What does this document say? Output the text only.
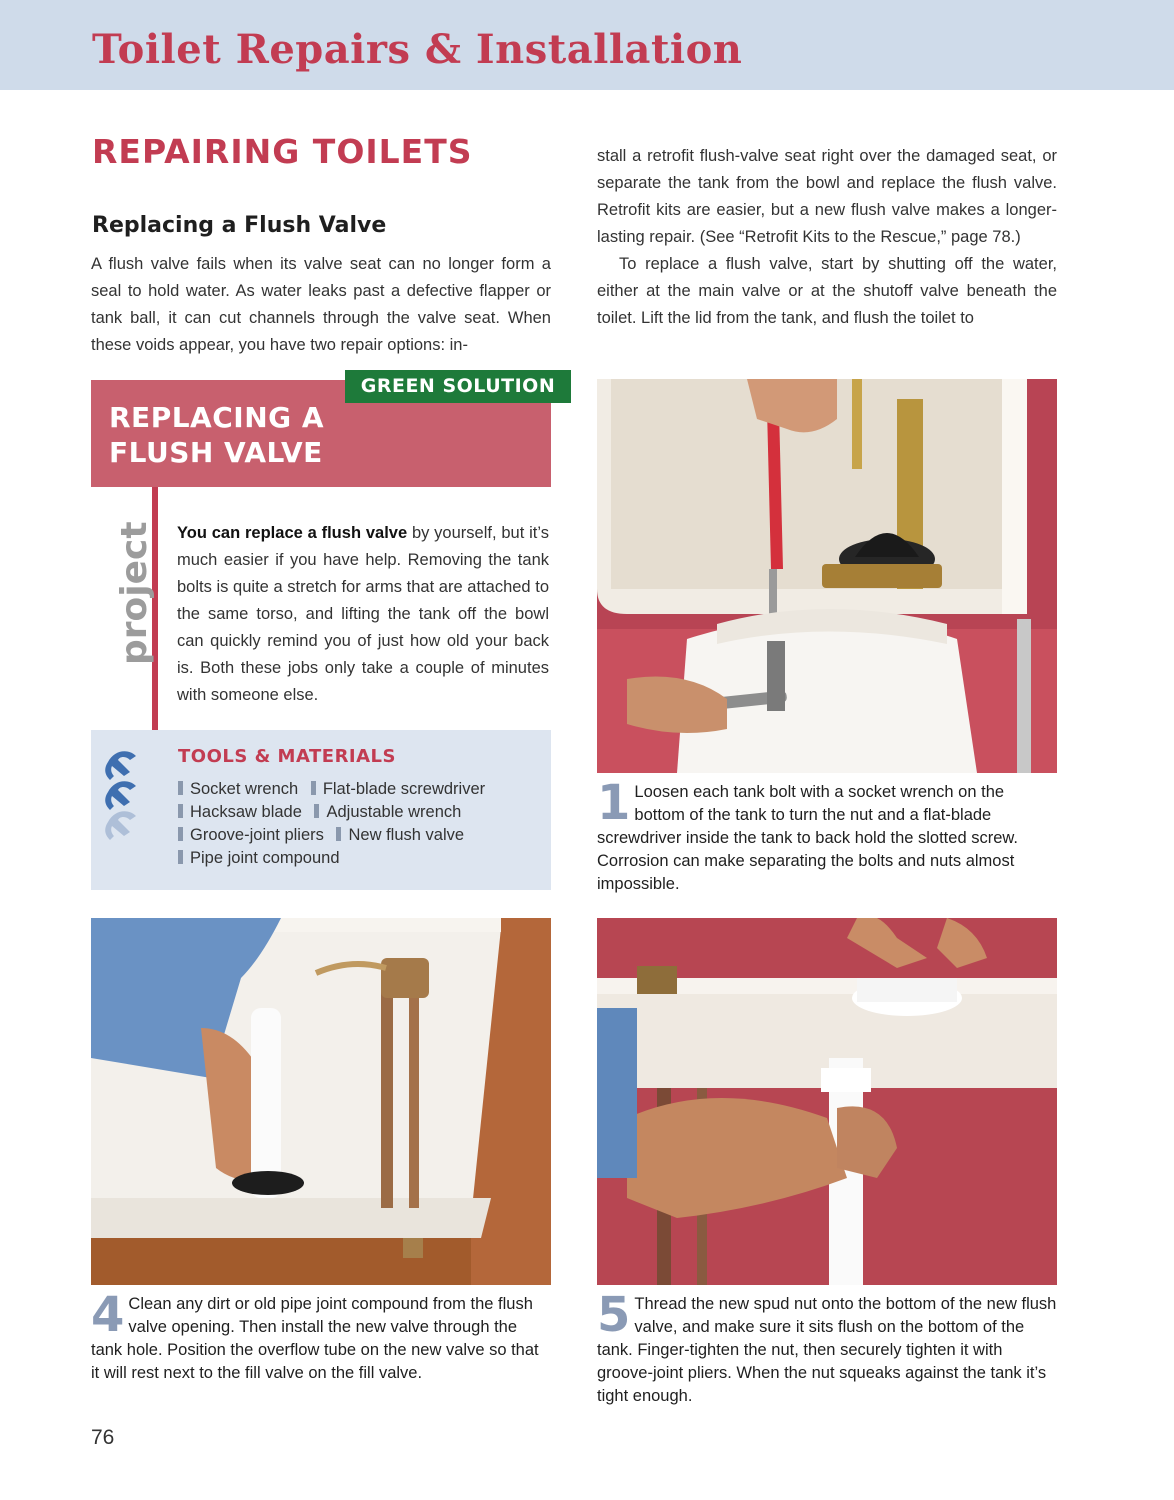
Toilet Repairs & Installation
REPAIRING TOILETS
Replacing a Flush Valve

A flush valve fails when its valve seat can no longer form a seal to hold water. As water leaks past a defective flapper or tank ball, it can cut channels through the valve seat. When these voids appear, you have two repair options: in-

stall a retrofit flush-valve seat right over the damaged seat, or separate the tank from the bowl and replace the flush valve. Retrofit kits are easier, but a new flush valve makes a longer-lasting repair. (See “Retrofit Kits to the Rescue,” page 78.)

To replace a flush valve, start by shutting off the water, either at the main valve or at the shutoff valve beneath the toilet. Lift the lid from the tank, and flush the toilet to

REPLACING A FLUSH VALVE
GREEN SOLUTION
project You can replace a flush valve by yourself, but it’s much easier if you have help. Removing the tank bolts is quite a stretch for arms that are attached to the same torso, and lifting the tank off the bowl can quickly remind you of just how old your back is. Both these jobs only take a couple of minutes with someone else.
TOOLS & MATERIALS
Socket wrench Flat-blade screwdriver
Hacksaw blade Adjustable wrench
Groove-joint pliers New flush valve
Pipe joint compound

1 Loosen each tank bolt with a socket wrench on the bottom of the tank to turn the nut and a flat-blade screwdriver inside the tank to back hold the slotted screw. Corrosion can make separating the bolts and nuts almost impossible.

4 Clean any dirt or old pipe joint compound from the flush valve opening. Then install the new valve through the tank hole. Position the overflow tube on the new valve so that it will rest next to the fill valve on the fill valve.

5 Thread the new spud nut onto the bottom of the new flush valve, and make sure it sits flush on the bottom of the tank. Finger-tighten the nut, then securely tighten it with groove-joint pliers. When the nut squeaks against the tank it’s tight enough.

76
